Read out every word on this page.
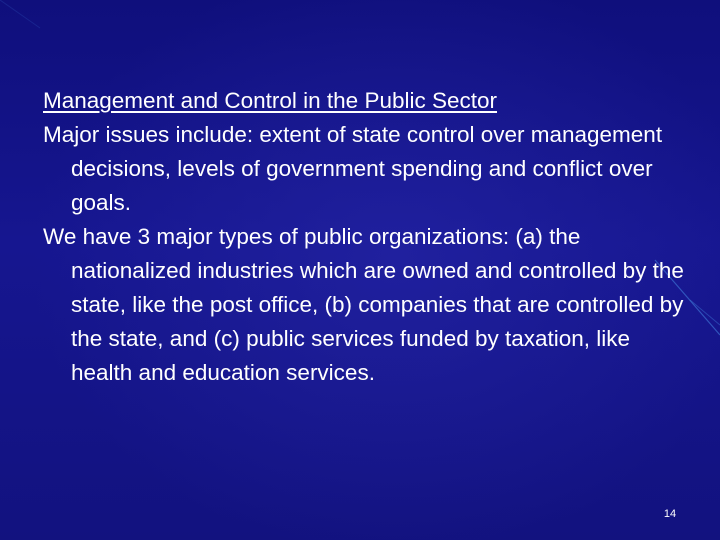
Management and Control in the Public Sector

Major issues include: extent of state control over management decisions, levels of government spending and conflict over goals.

We have 3 major types of public organizations: (a) the nationalized industries which are owned and controlled by the state, like the post office, (b) companies that are controlled by the state, and (c) public services funded by taxation, like health and education services.

14
